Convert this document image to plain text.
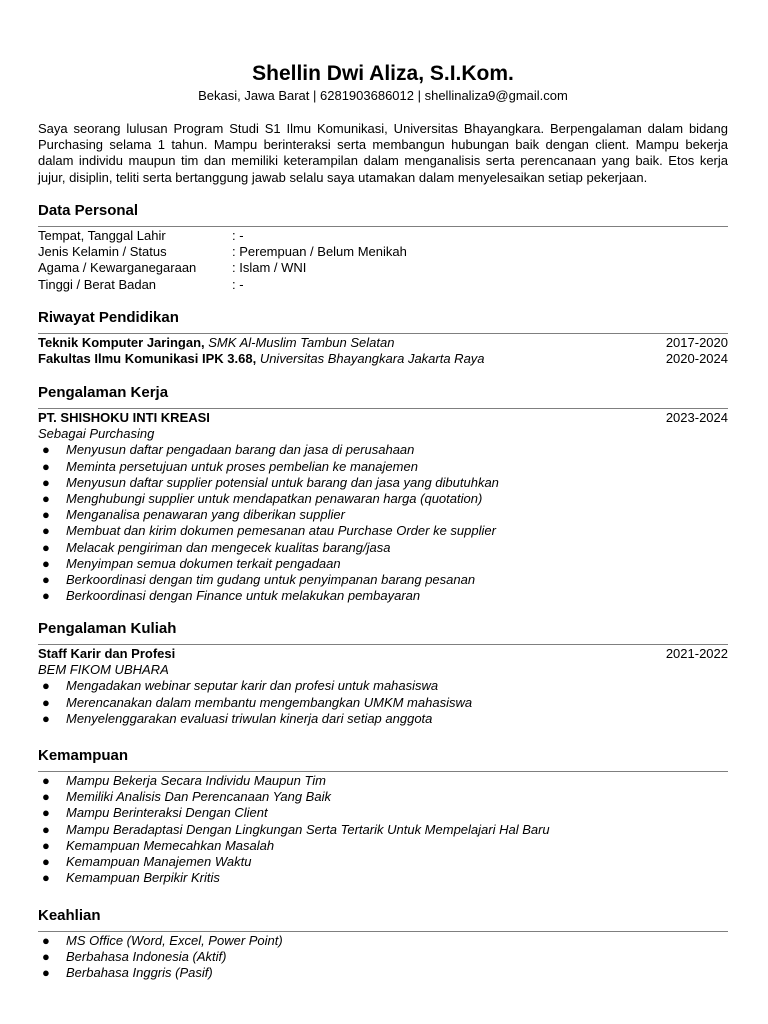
Shellin Dwi Aliza, S.I.Kom.
Bekasi, Jawa Barat | 6281903686012 | shellinaliza9@gmail.com
Saya seorang lulusan Program Studi S1 Ilmu Komunikasi, Universitas Bhayangkara. Berpengalaman dalam bidang Purchasing selama 1 tahun. Mampu berinteraksi serta membangun hubungan baik dengan client. Mampu bekerja dalam individu maupun tim dan memiliki keterampilan dalam menganalisis serta perencanaan yang baik. Etos kerja jujur, disiplin, teliti serta bertanggung jawab selalu saya utamakan dalam menyelesaikan setiap pekerjaan.
Data Personal
Tempat, Tanggal Lahir	: -
Jenis Kelamin / Status	: Perempuan / Belum Menikah
Agama / Kewarganegaraan	: Islam / WNI
Tinggi / Berat Badan	: -
Riwayat Pendidikan
Teknik Komputer Jaringan, SMK Al-Muslim Tambun Selatan	2017-2020
Fakultas Ilmu Komunikasi IPK 3.68, Universitas Bhayangkara Jakarta Raya	2020-2024
Pengalaman Kerja
PT. SHISHOKU INTI KREASI	2023-2024
Sebagai Purchasing
● Menyusun daftar pengadaan barang dan jasa di perusahaan
● Meminta persetujuan untuk proses pembelian ke manajemen
● Menyusun daftar supplier potensial untuk barang dan jasa yang dibutuhkan
● Menghubungi supplier untuk mendapatkan penawaran harga (quotation)
● Menganalisa penawaran yang diberikan supplier
● Membuat dan kirim dokumen pemesanan atau Purchase Order ke supplier
● Melacak pengiriman dan mengecek kualitas barang/jasa
● Menyimpan semua dokumen terkait pengadaan
● Berkoordinasi dengan tim gudang untuk penyimpanan barang pesanan
● Berkoordinasi dengan Finance untuk melakukan pembayaran
Pengalaman Kuliah
Staff Karir dan Profesi	2021-2022
BEM FIKOM UBHARA
● Mengadakan webinar seputar karir dan profesi untuk mahasiswa
● Merencanakan dalam membantu mengembangkan UMKM mahasiswa
● Menyelenggarakan evaluasi triwulan kinerja dari setiap anggota
Kemampuan
● Mampu Bekerja Secara Individu Maupun Tim
● Memiliki Analisis Dan Perencanaan Yang Baik
● Mampu Berinteraksi Dengan Client
● Mampu Beradaptasi Dengan Lingkungan Serta Tertarik Untuk Mempelajari Hal Baru
● Kemampuan Memecahkan Masalah
● Kemampuan Manajemen Waktu
● Kemampuan Berpikir Kritis
Keahlian
● MS Office (Word, Excel, Power Point)
● Berbahasa Indonesia (Aktif)
● Berbahasa Inggris (Pasif)
